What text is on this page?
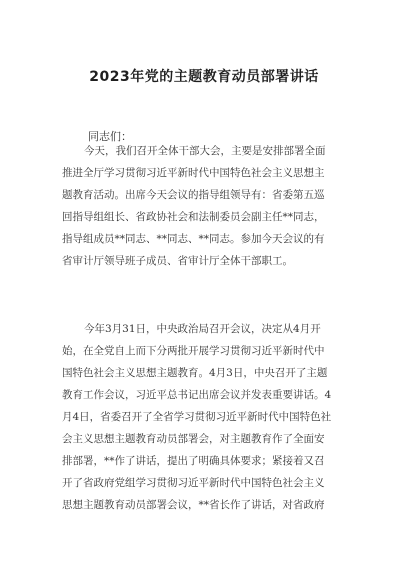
2023年党的主题教育动员部署讲话
同志们：
今天，我们召开全体干部大会，主要是安排部署全面
推进全厅学习贯彻习近平新时代中国特色社会主义思想主
题教育活动。出席今天会议的指导组领导有：省委第五巡
回指导组组长、省政协社会和法制委员会副主任**同志，
指导组成员**同志、**同志、**同志。参加今天会议的有
省审计厅领导班子成员、省审计厅全体干部职工。
今年3月31日，中央政治局召开会议，决定从4月开
始，在全党自上而下分两批开展学习贯彻习近平新时代中
国特色社会主义思想主题教育。4月3日，中央召开了主题
教育工作会议，习近平总书记出席会议并发表重要讲话。4
月4日，省委召开了全省学习贯彻习近平新时代中国特色社
会主义思想主题教育动员部署会，对主题教育作了全面安
排部署，**作了讲话，提出了明确具体要求；紧接着又召
开了省政府党组学习贯彻习近平新时代中国特色社会主义
思想主题教育动员部署会议，**省长作了讲话，对省政府
